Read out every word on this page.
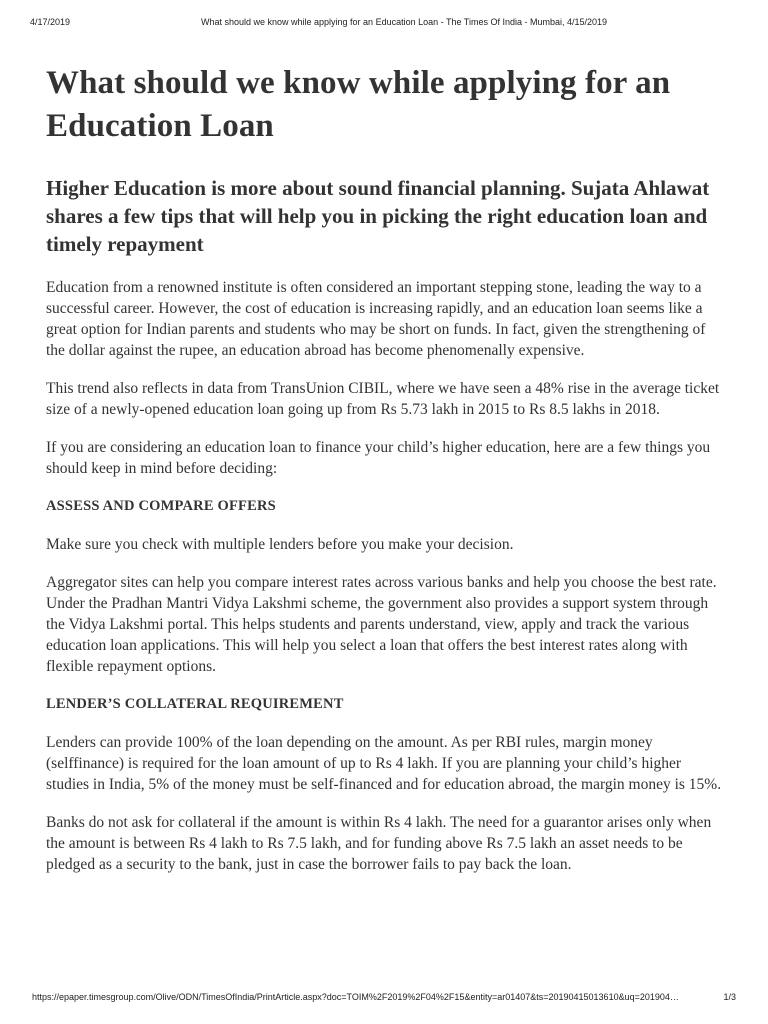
4/17/2019	What should we know while applying for an Education Loan - The Times Of India - Mumbai, 4/15/2019
What should we know while applying for an Education Loan
Higher Education is more about sound financial planning. Sujata Ahlawat shares a few tips that will help you in picking the right education loan and timely repayment

Education from a renowned institute is often considered an important stepping stone, leading the way to a successful career. However, the cost of education is increasing rapidly, and an education loan seems like a great option for Indian parents and students who may be short on funds. In fact, given the strengthening of the dollar against the rupee, an education abroad has become phenomenally expensive.

This trend also reflects in data from TransUnion CIBIL, where we have seen a 48% rise in the average ticket size of a newly-opened education loan going up from Rs 5.73 lakh in 2015 to Rs 8.5 lakhs in 2018.

If you are considering an education loan to finance your child’s higher education, here are a few things you should keep in mind before deciding:

ASSESS AND COMPARE OFFERS

Make sure you check with multiple lenders before you make your decision.

Aggregator sites can help you compare interest rates across various banks and help you choose the best rate. Under the Pradhan Mantri Vidya Lakshmi scheme, the government also provides a support system through the Vidya Lakshmi portal. This helps students and parents understand, view, apply and track the various education loan applications. This will help you select a loan that offers the best interest rates along with flexible repayment options.

LENDER’S COLLATERAL REQUIREMENT

Lenders can provide 100% of the loan depending on the amount. As per RBI rules, margin money (selffinance) is required for the loan amount of up to Rs 4 lakh. If you are planning your child’s higher studies in India, 5% of the money must be self-financed and for education abroad, the margin money is 15%.

Banks do not ask for collateral if the amount is within Rs 4 lakh. The need for a guarantor arises only when the amount is between Rs 4 lakh to Rs 7.5 lakh, and for funding above Rs 7.5 lakh an asset needs to be pledged as a security to the bank, just in case the borrower fails to pay back the loan.

https://epaper.timesgroup.com/Olive/ODN/TimesOfIndia/PrintArticle.aspx?doc=TOIM%2F2019%2F04%2F15&entity=ar01407&ts=20190415013610&uq=201904…	1/3
